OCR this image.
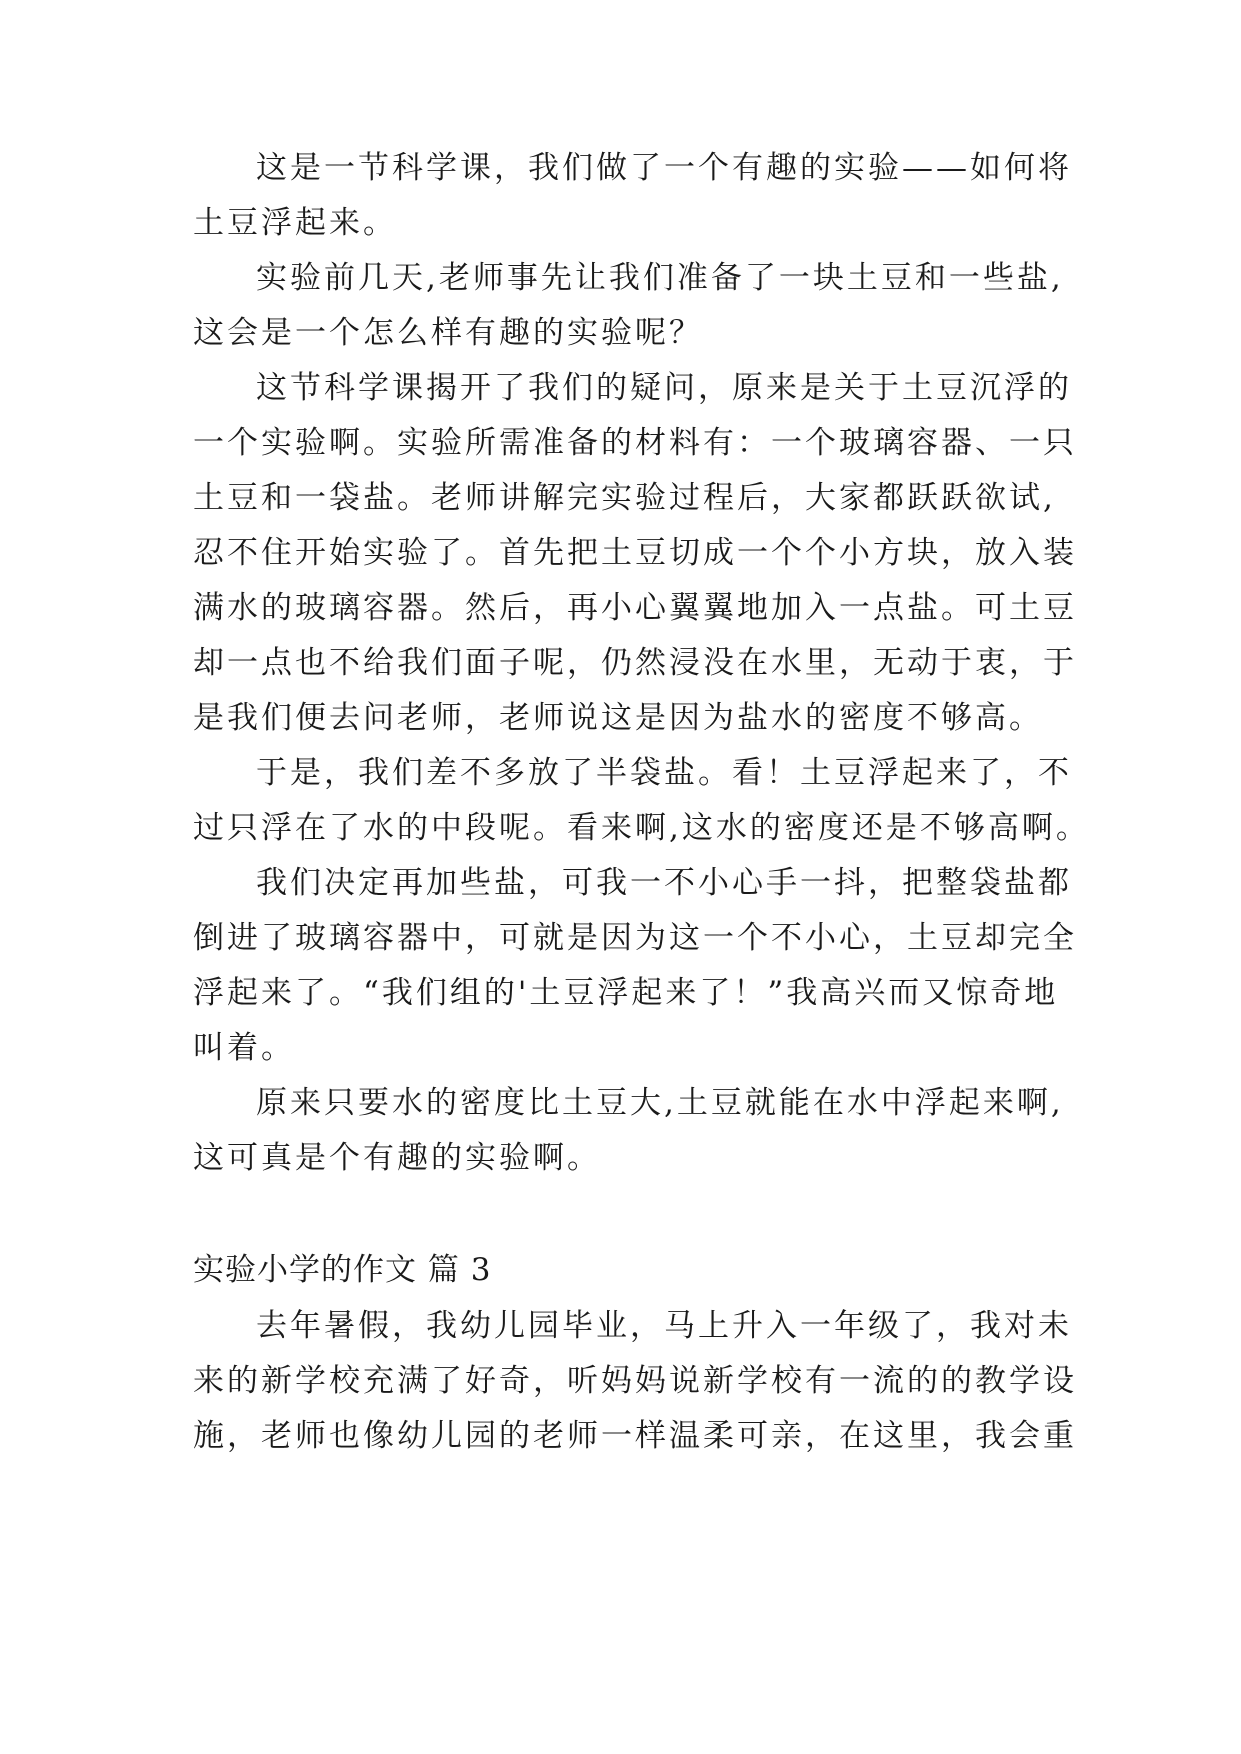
这是一节科学课，我们做了一个有趣的实验——如何将
土豆浮起来。
实验前几天,老师事先让我们准备了一块土豆和一些盐,
这会是一个怎么样有趣的实验呢？
这节科学课揭开了我们的疑问，原来是关于土豆沉浮的
一个实验啊。实验所需准备的材料有：一个玻璃容器、一只
土豆和一袋盐。老师讲解完实验过程后，大家都跃跃欲试,
忍不住开始实验了。首先把土豆切成一个个小方块，放入装
满水的玻璃容器。然后，再小心翼翼地加入一点盐。可土豆
却一点也不给我们面子呢，仍然浸没在水里，无动于衷，于
是我们便去问老师，老师说这是因为盐水的密度不够高。
于是，我们差不多放了半袋盐。看！土豆浮起来了，不
过只浮在了水的中段呢。看来啊,这水的密度还是不够高啊。
我们决定再加些盐，可我一不小心手一抖，把整袋盐都
倒进了玻璃容器中，可就是因为这一个不小心，土豆却完全
浮起来了。“我们组的'土豆浮起来了！”我高兴而又惊奇地
叫着。
原来只要水的密度比土豆大,土豆就能在水中浮起来啊,
这可真是个有趣的实验啊。
实验小学的作文 篇 3
去年暑假，我幼儿园毕业，马上升入一年级了，我对未
来的新学校充满了好奇，听妈妈说新学校有一流的的教学设
施，老师也像幼儿园的老师一样温柔可亲，在这里，我会重
